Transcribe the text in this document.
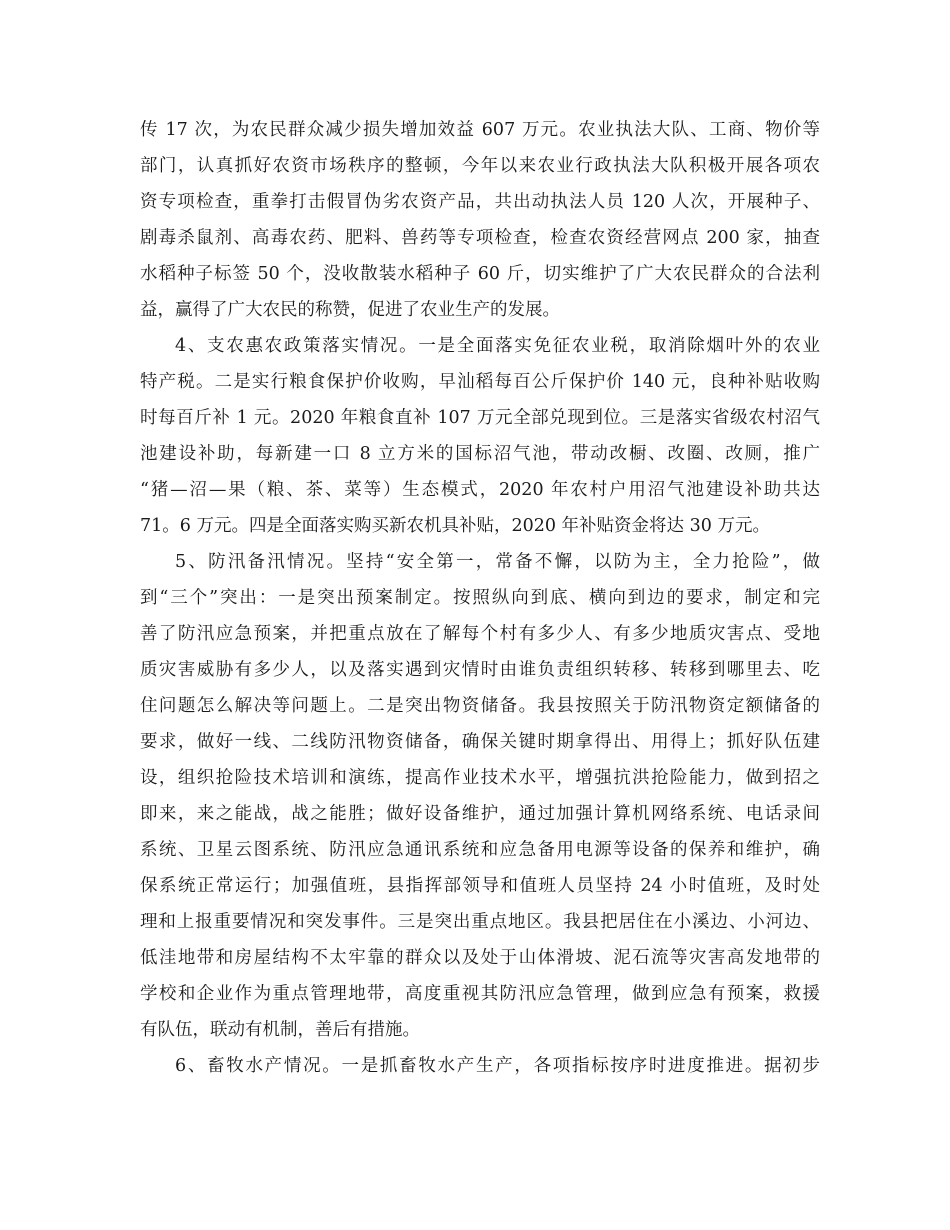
传 17 次，为农民群众减少损失增加效益 607 万元。农业执法大队、工商、物价等
部门，认真抓好农资市场秩序的整顿，今年以来农业行政执法大队积极开展各项农
资专项检查，重拳打击假冒伪劣农资产品，共出动执法人员 120 人次，开展种子、
剧毒杀鼠剂、高毒农药、肥料、兽药等专项检查，检查农资经营网点 200 家，抽查
水稻种子标签 50 个，没收散装水稻种子 60 斤，切实维护了广大农民群众的合法利
益，赢得了广大农民的称赞，促进了农业生产的发展。
4、支农惠农政策落实情况。一是全面落实免征农业税，取消除烟叶外的农业
特产税。二是实行粮食保护价收购，早汕稻每百公斤保护价 140 元，良种补贴收购
时每百斤补 1 元。2020 年粮食直补 107 万元全部兑现到位。三是落实省级农村沼气
池建设补助，每新建一口 8 立方米的国标沼气池，带动改橱、改圈、改厕，推广
“猪—沼—果（粮、茶、菜等）生态模式，2020 年农村户用沼气池建设补助共达
71。6 万元。四是全面落实购买新农机具补贴，2020 年补贴资金将达 30 万元。
5、防汛备汛情况。坚持“安全第一，常备不懈，以防为主，全力抢险”，做
到“三个”突出：一是突出预案制定。按照纵向到底、横向到边的要求，制定和完
善了防汛应急预案，并把重点放在了解每个村有多少人、有多少地质灾害点、受地
质灾害威胁有多少人，以及落实遇到灾情时由谁负责组织转移、转移到哪里去、吃
住问题怎么解决等问题上。二是突出物资储备。我县按照关于防汛物资定额储备的
要求，做好一线、二线防汛物资储备，确保关键时期拿得出、用得上；抓好队伍建
设，组织抢险技术培训和演练，提高作业技术水平，增强抗洪抢险能力，做到招之
即来，来之能战，战之能胜；做好设备维护，通过加强计算机网络系统、电话录间
系统、卫星云图系统、防汛应急通讯系统和应急备用电源等设备的保养和维护，确
保系统正常运行；加强值班，县指挥部领导和值班人员坚持 24 小时值班，及时处
理和上报重要情况和突发事件。三是突出重点地区。我县把居住在小溪边、小河边、
低洼地带和房屋结构不太牢靠的群众以及处于山体滑坡、泥石流等灾害高发地带的
学校和企业作为重点管理地带，高度重视其防汛应急管理，做到应急有预案，救援
有队伍，联动有机制，善后有措施。
6、畜牧水产情况。一是抓畜牧水产生产，各项指标按序时进度推进。据初步
